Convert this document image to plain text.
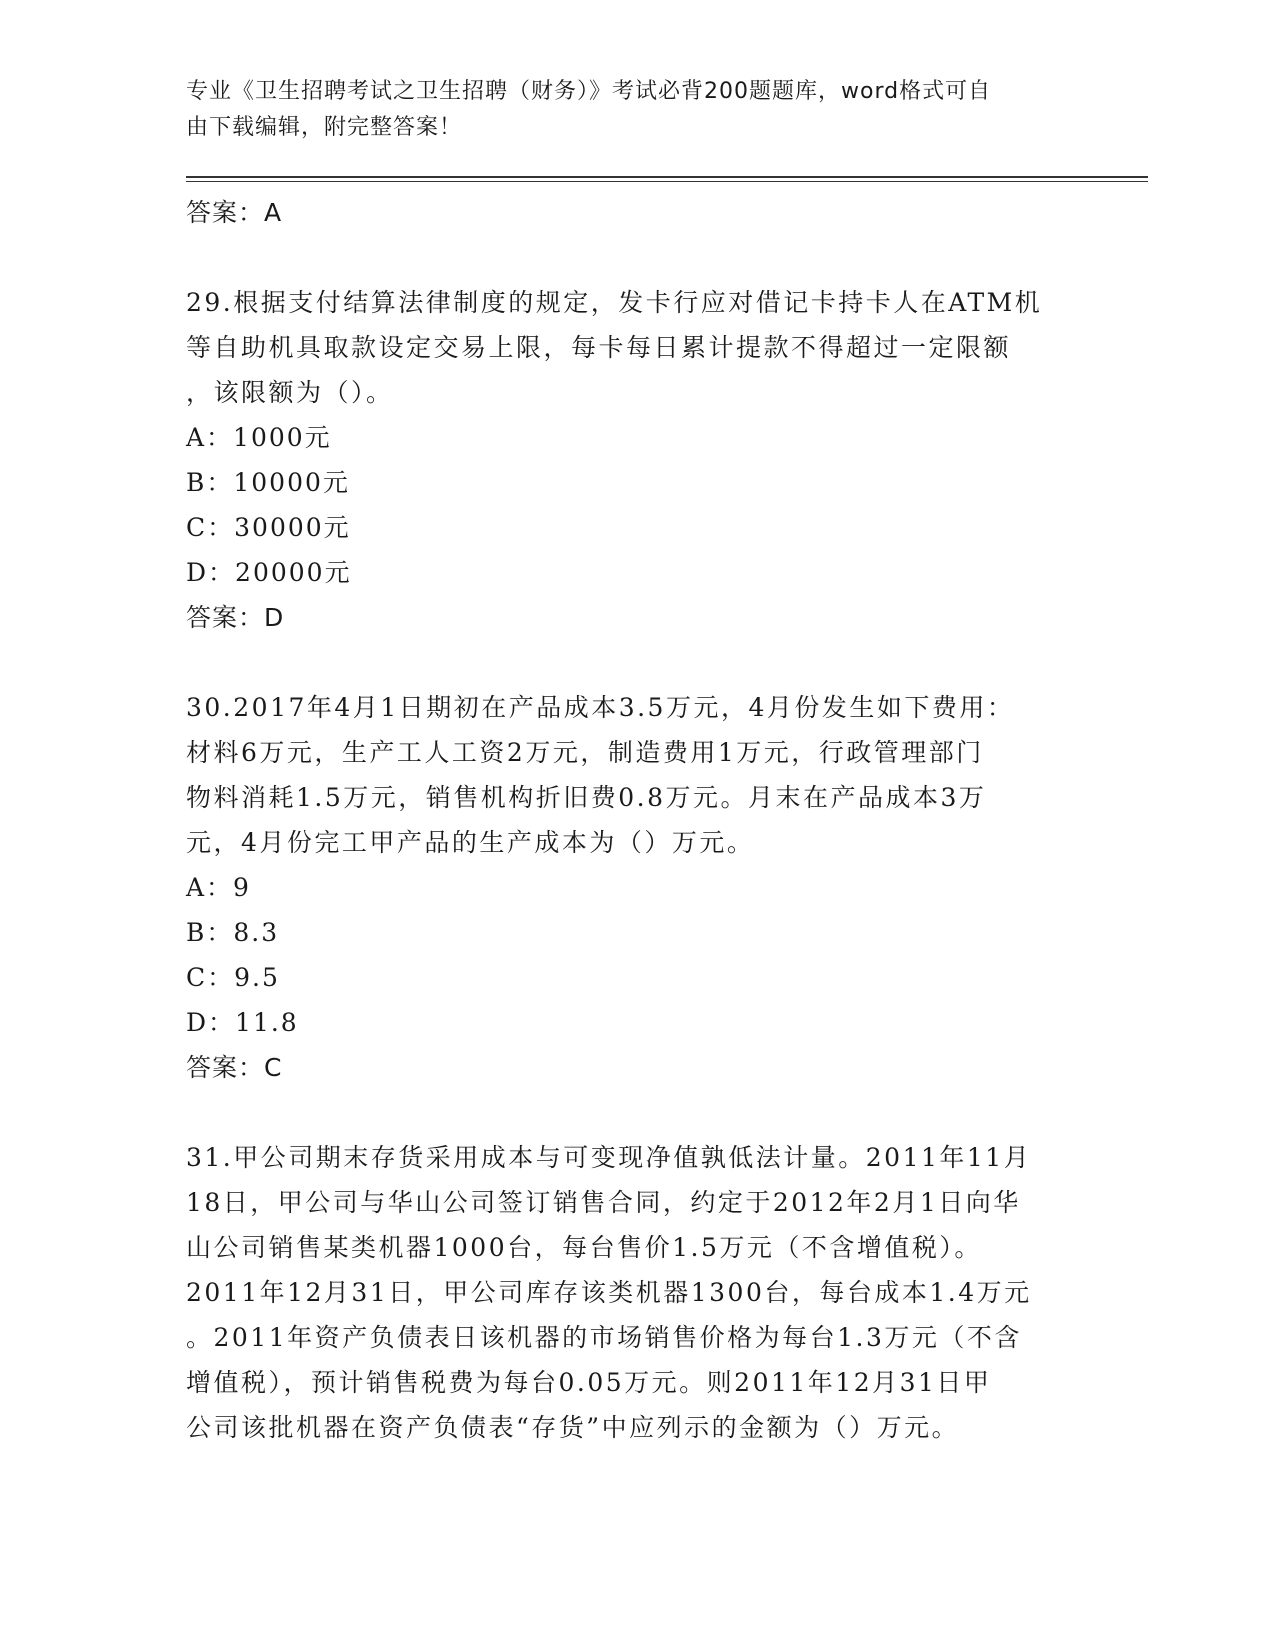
专业《卫生招聘考试之卫生招聘（财务）》考试必背200题题库，word格式可自
由下载编辑，附完整答案！
答案：A
29.根据支付结算法律制度的规定，发卡行应对借记卡持卡人在ATM机
等自助机具取款设定交易上限，每卡每日累计提款不得超过一定限额
，该限额为（）。
A：1000元
B：10000元
C：30000元
D：20000元
答案：D
30.2017年4月1日期初在产品成本3.5万元，4月份发生如下费用：
材料6万元，生产工人工资2万元，制造费用1万元，行政管理部门
物料消耗1.5万元，销售机构折旧费0.8万元。月末在产品成本3万
元，4月份完工甲产品的生产成本为（）万元。
A：9
B：8.3
C：9.5
D：11.8
答案：C
31.甲公司期末存货采用成本与可变现净值孰低法计量。2011年11月
18日，甲公司与华山公司签订销售合同，约定于2012年2月1日向华
山公司销售某类机器1000台，每台售价1.5万元（不含增值税）。
2011年12月31日，甲公司库存该类机器1300台，每台成本1.4万元
。2011年资产负债表日该机器的市场销售价格为每台1.3万元（不含
增值税），预计销售税费为每台0.05万元。则2011年12月31日甲
公司该批机器在资产负债表“存货”中应列示的金额为（）万元。
